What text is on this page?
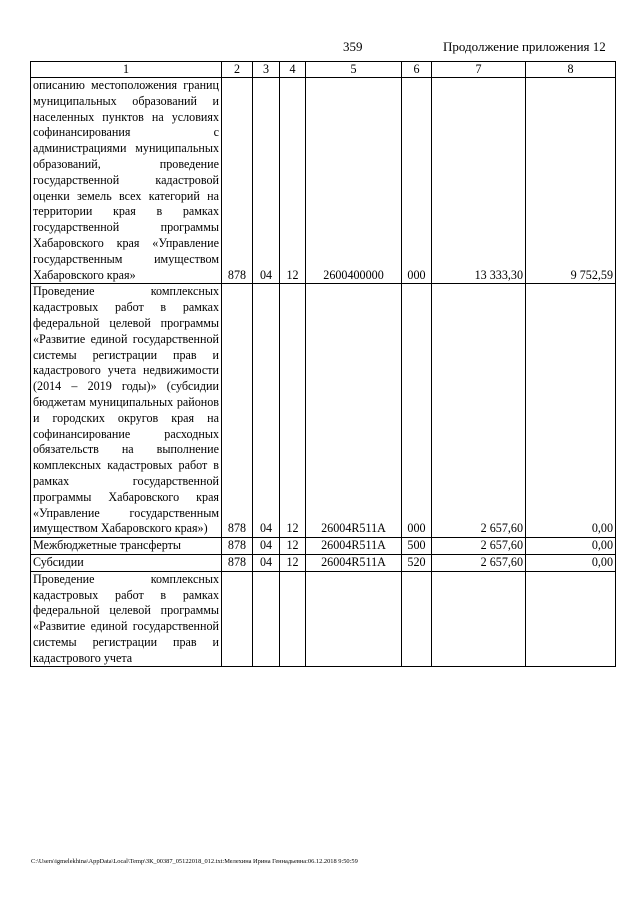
359	Продолжение приложения 12
1	2	3	4	5	6	7	8
описанию местоположения границ муниципальных образований и населенных пунктов на условиях софинансирования с администрациями муниципальных образований, проведение государственной кадастровой оценки земель всех категорий на территории края в рамках государственной программы Хабаровского края «Управление государственным имуществом Хабаровского края»	878	04	12	2600400000	000	13 333,30	9 752,59
Проведение комплексных кадастровых работ в рамках федеральной целевой программы «Развитие единой государственной системы регистрации прав и кадастрового учета недвижимости (2014 – 2019 годы)» (субсидии бюджетам муниципальных районов и городских округов края на софинансирование расходных обязательств на выполнение комплексных кадастровых работ в рамках государственной программы Хабаровского края «Управление государственным имуществом Хабаровского края»)	878	04	12	26004R511A	000	2 657,60	0,00
Межбюджетные трансферты	878	04	12	26004R511A	500	2 657,60	0,00
Субсидии	878	04	12	26004R511A	520	2 657,60	0,00
Проведение комплексных кадастровых работ в рамках федеральной целевой программы «Развитие единой государственной системы регистрации прав и кадастрового учета							
C:\Users\igmelekhina\AppData\Local\Temp\ЗК_00387_05122018_012.txt:Мелехина Ирина Геннадьевна:06.12.2018 9:50:59
